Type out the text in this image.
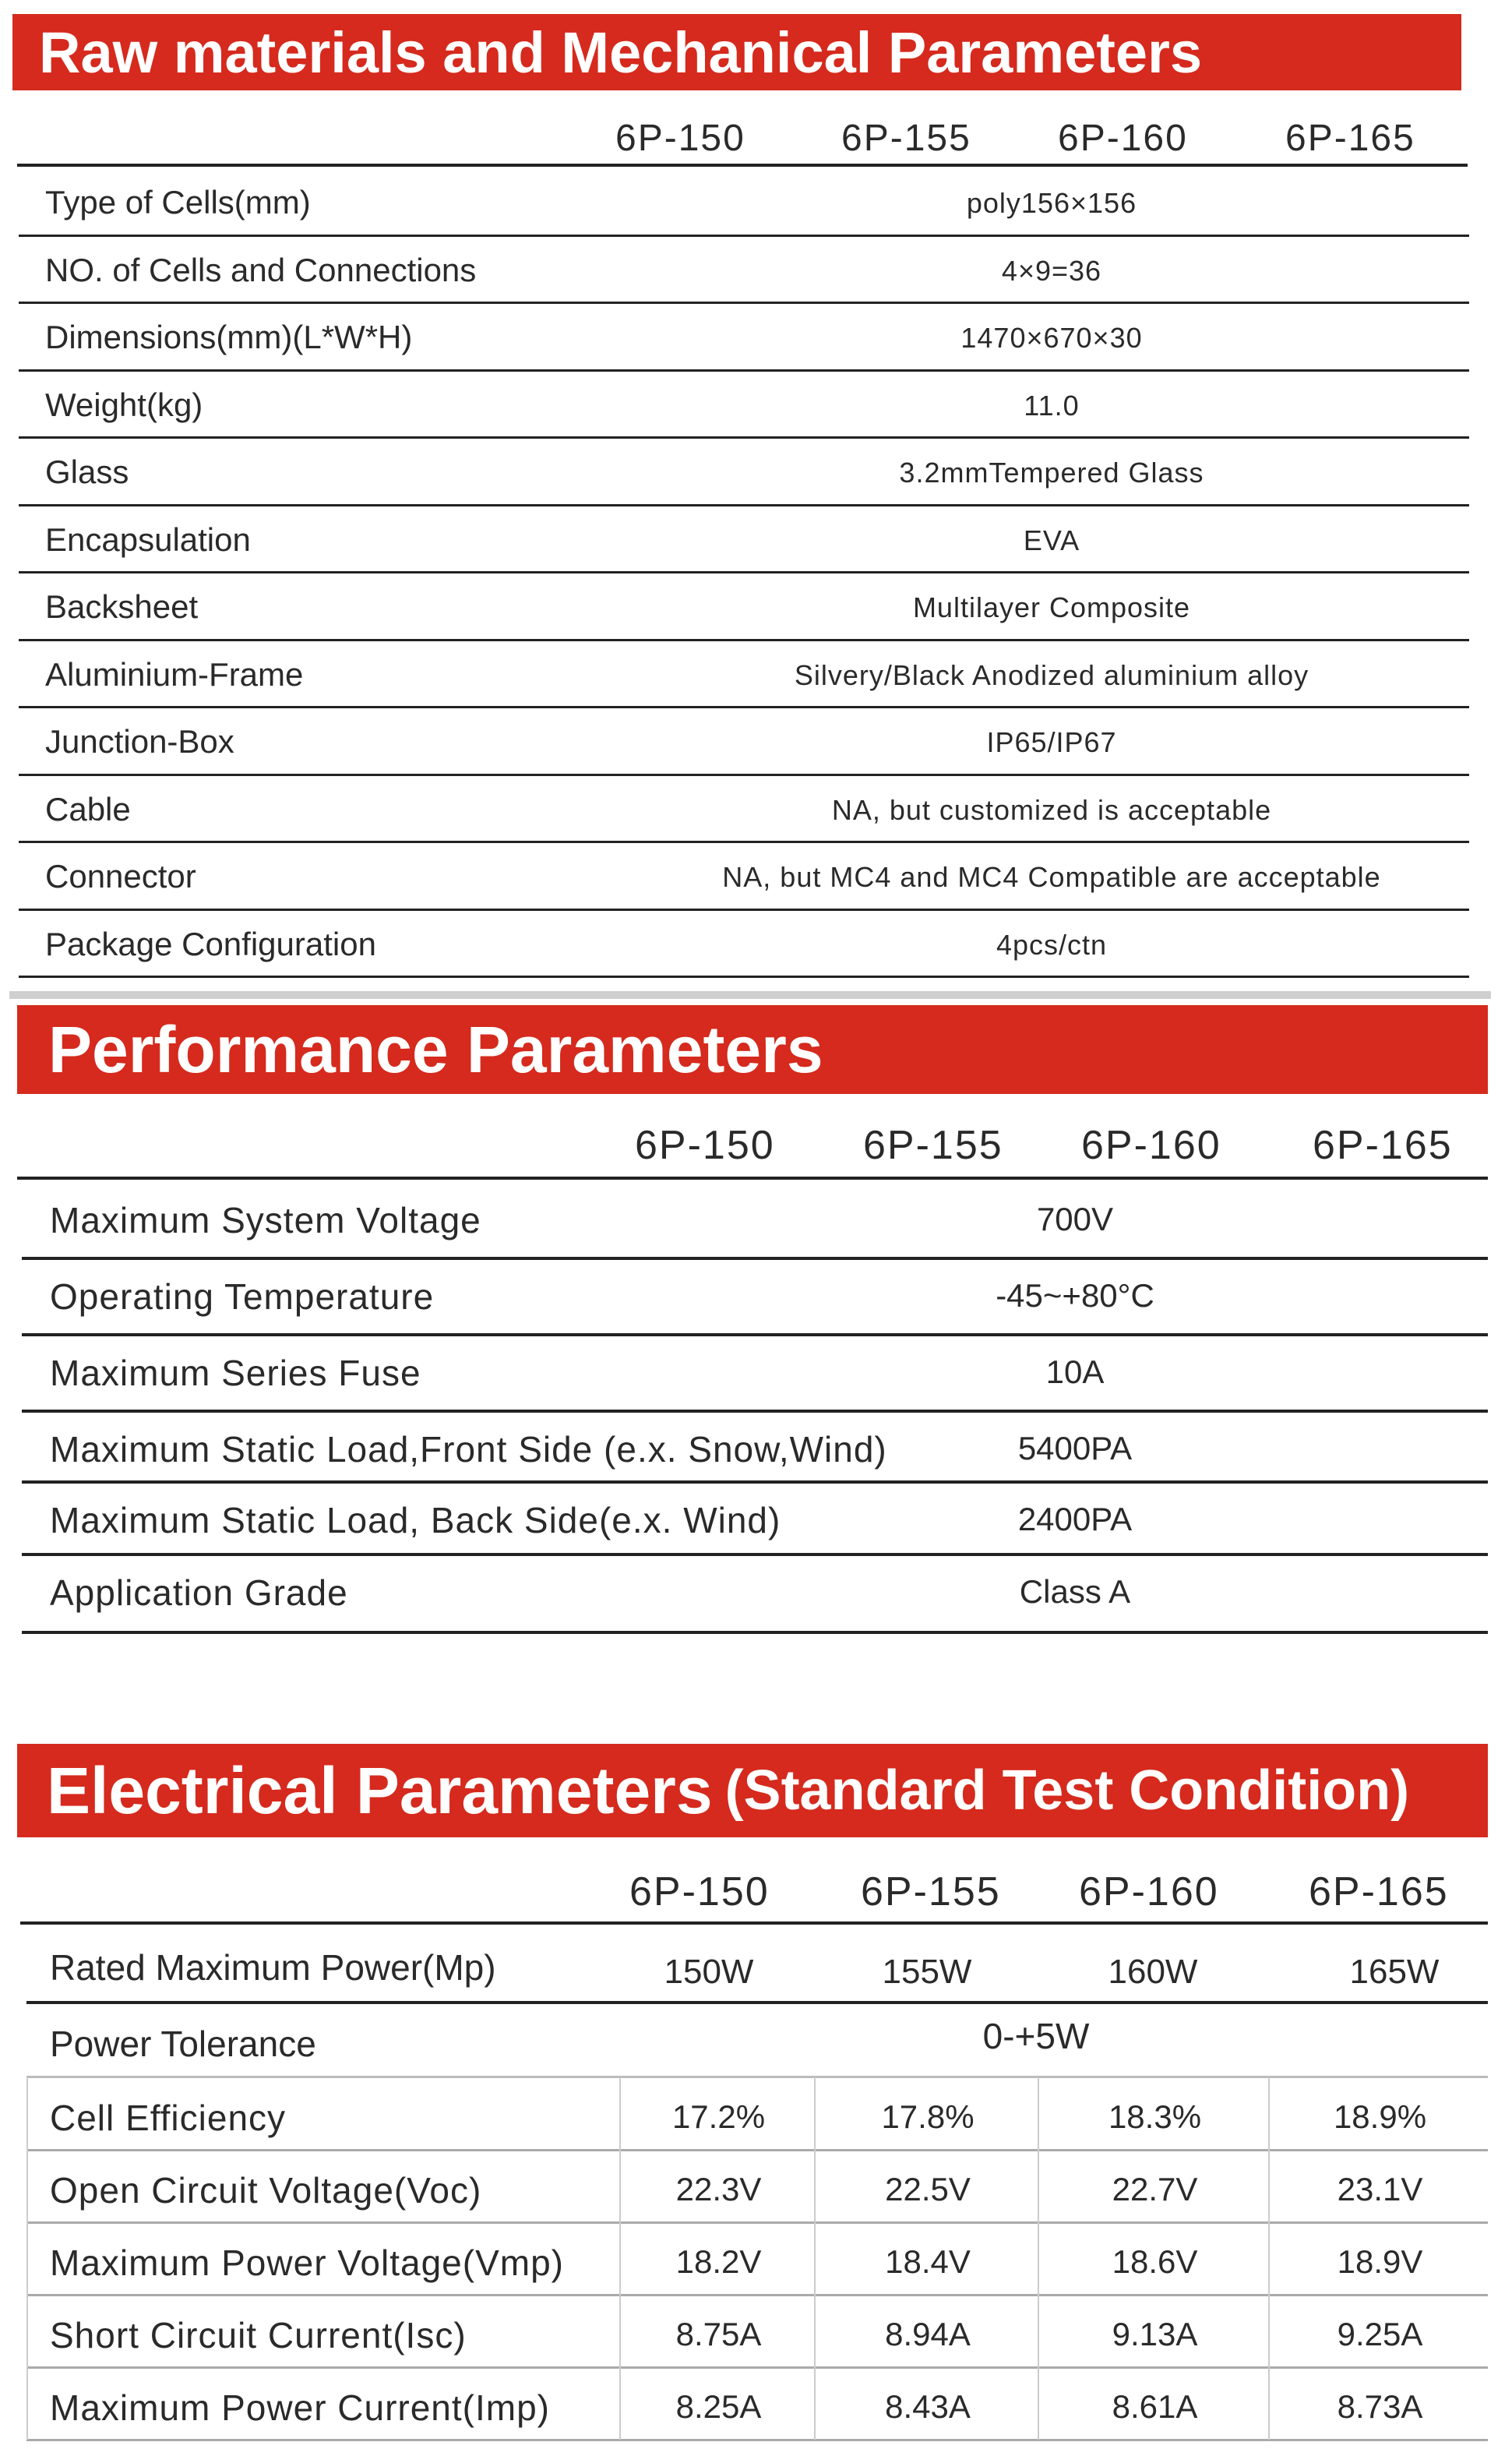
Raw materials and Mechanical Parameters
6P-150	6P-155 6P-160	6P-165
Type of Cells(mm)	poly156×156
NO. of Cells and Connections	4×9=36
Dimensions(mm)(L*W*H)	1470×670×30
Weight(kg)	11.0
Glass	3.2mmTempered Glass
Encapsulation	EVA
Backsheet	Multilayer Composite
Aluminium-Frame	Silvery/Black Anodized aluminium alloy
Junction-Box	IP65/IP67
Cable	NA, but customized is acceptable
Connector	NA, but MC4 and MC4 Compatible are acceptable
Package Configuration	4pcs/ctn
Performance Parameters
6P-150 6P-155 6P-160 6P-165
Maximum System Voltage	700V
Operating Temperature	-45~+80°C
Maximum Series Fuse	10A
Maximum Static Load,Front Side (e.x. Snow,Wind)	5400PA
Maximum Static Load, Back Side(e.x. Wind)	2400PA
Application Grade	Class A
Electrical Parameters (Standard Test Condition)
6P-150 6P-155 6P-160 6P-165
Rated Maximum Power(Mp)	150W	155W	160W	165W
Power Tolerance	0-+5W
Cell Efficiency	17.2%	17.8%	18.3%	18.9%
Open Circuit Voltage(Voc)	22.3V	22.5V	22.7V	23.1V
Maximum Power Voltage(Vmp)	18.2V	18.4V	18.6V	18.9V
Short Circuit Current(Isc)	8.75A	8.94A	9.13A	9.25A
Maximum Power Current(Imp)	8.25A	8.43A	8.61A	8.73A
